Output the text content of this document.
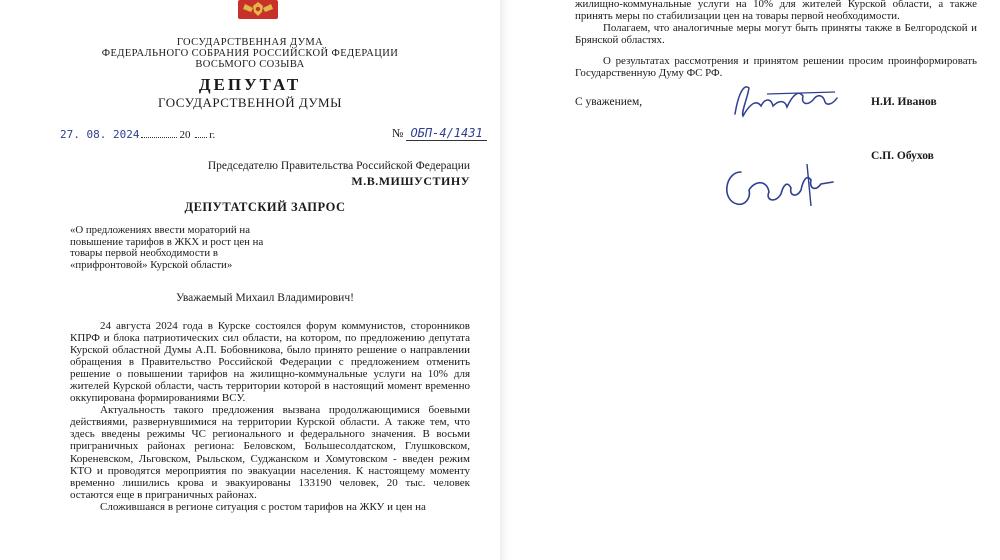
ГОСУДАРСТВЕННАЯ ДУМА
ФЕДЕРАЛЬНОГО СОБРАНИЯ РОССИЙСКОЙ ФЕДЕРАЦИИ
ВОСЬМОГО СОЗЫВА
ДЕПУТАТ
ГОСУДАРСТВЕННОЙ ДУМЫ
27. 08. 2024	20 г.	№ ОБП-4/1431
Председателю Правительства Российской Федерации
М.В.МИШУСТИНУ
ДЕПУТАТСКИЙ ЗАПРОС
«О предложениях ввести мораторий на повышение тарифов в ЖКХ и рост цен на товары первой необходимости в «прифронтовой» Курской области»
Уважаемый Михаил Владимирович!

24 августа 2024 года в Курске состоялся форум коммунистов, сторонников КПРФ и блока патриотических сил области, на котором, по предложению депутата Курской областной Думы А.П. Бобовникова, было принято решение о направлении обращения в Правительство Российской Федерации с предложением отменить решение о повышении тарифов на жилищно-коммунальные услуги на 10% для жителей Курской области, часть территории которой в настоящий момент временно оккупирована формированиями ВСУ.

Актуальность такого предложения вызвана продолжающимися боевыми действиями, развернувшимися на территории Курской области. А также тем, что здесь введены режимы ЧС регионального и федерального значения. В восьми приграничных районах региона: Беловском, Большесолдатском, Глушковском, Кореневском, Льговском, Рыльском, Суджанском и Хомутовском - введен режим КТО и проводятся мероприятия по эвакуации населения. К настоящему моменту временно лишились крова и эвакуированы 133190 человек, 20 тыс. человек остаются еще в приграничных районах.

Сложившаяся в регионе ситуация с ростом тарифов на ЖКУ и цен на

жилищно-коммунальные услуги на 10% для жителей Курской области, а также принять меры по стабилизации цен на товары первой необходимости.

Полагаем, что аналогичные меры могут быть приняты также в Белгородской и Брянской областях.

О результатах рассмотрения и принятом решении просим проинформировать Государственную Думу ФС РФ.

С уважением,	Н.И. Иванов
С.П. Обухов
